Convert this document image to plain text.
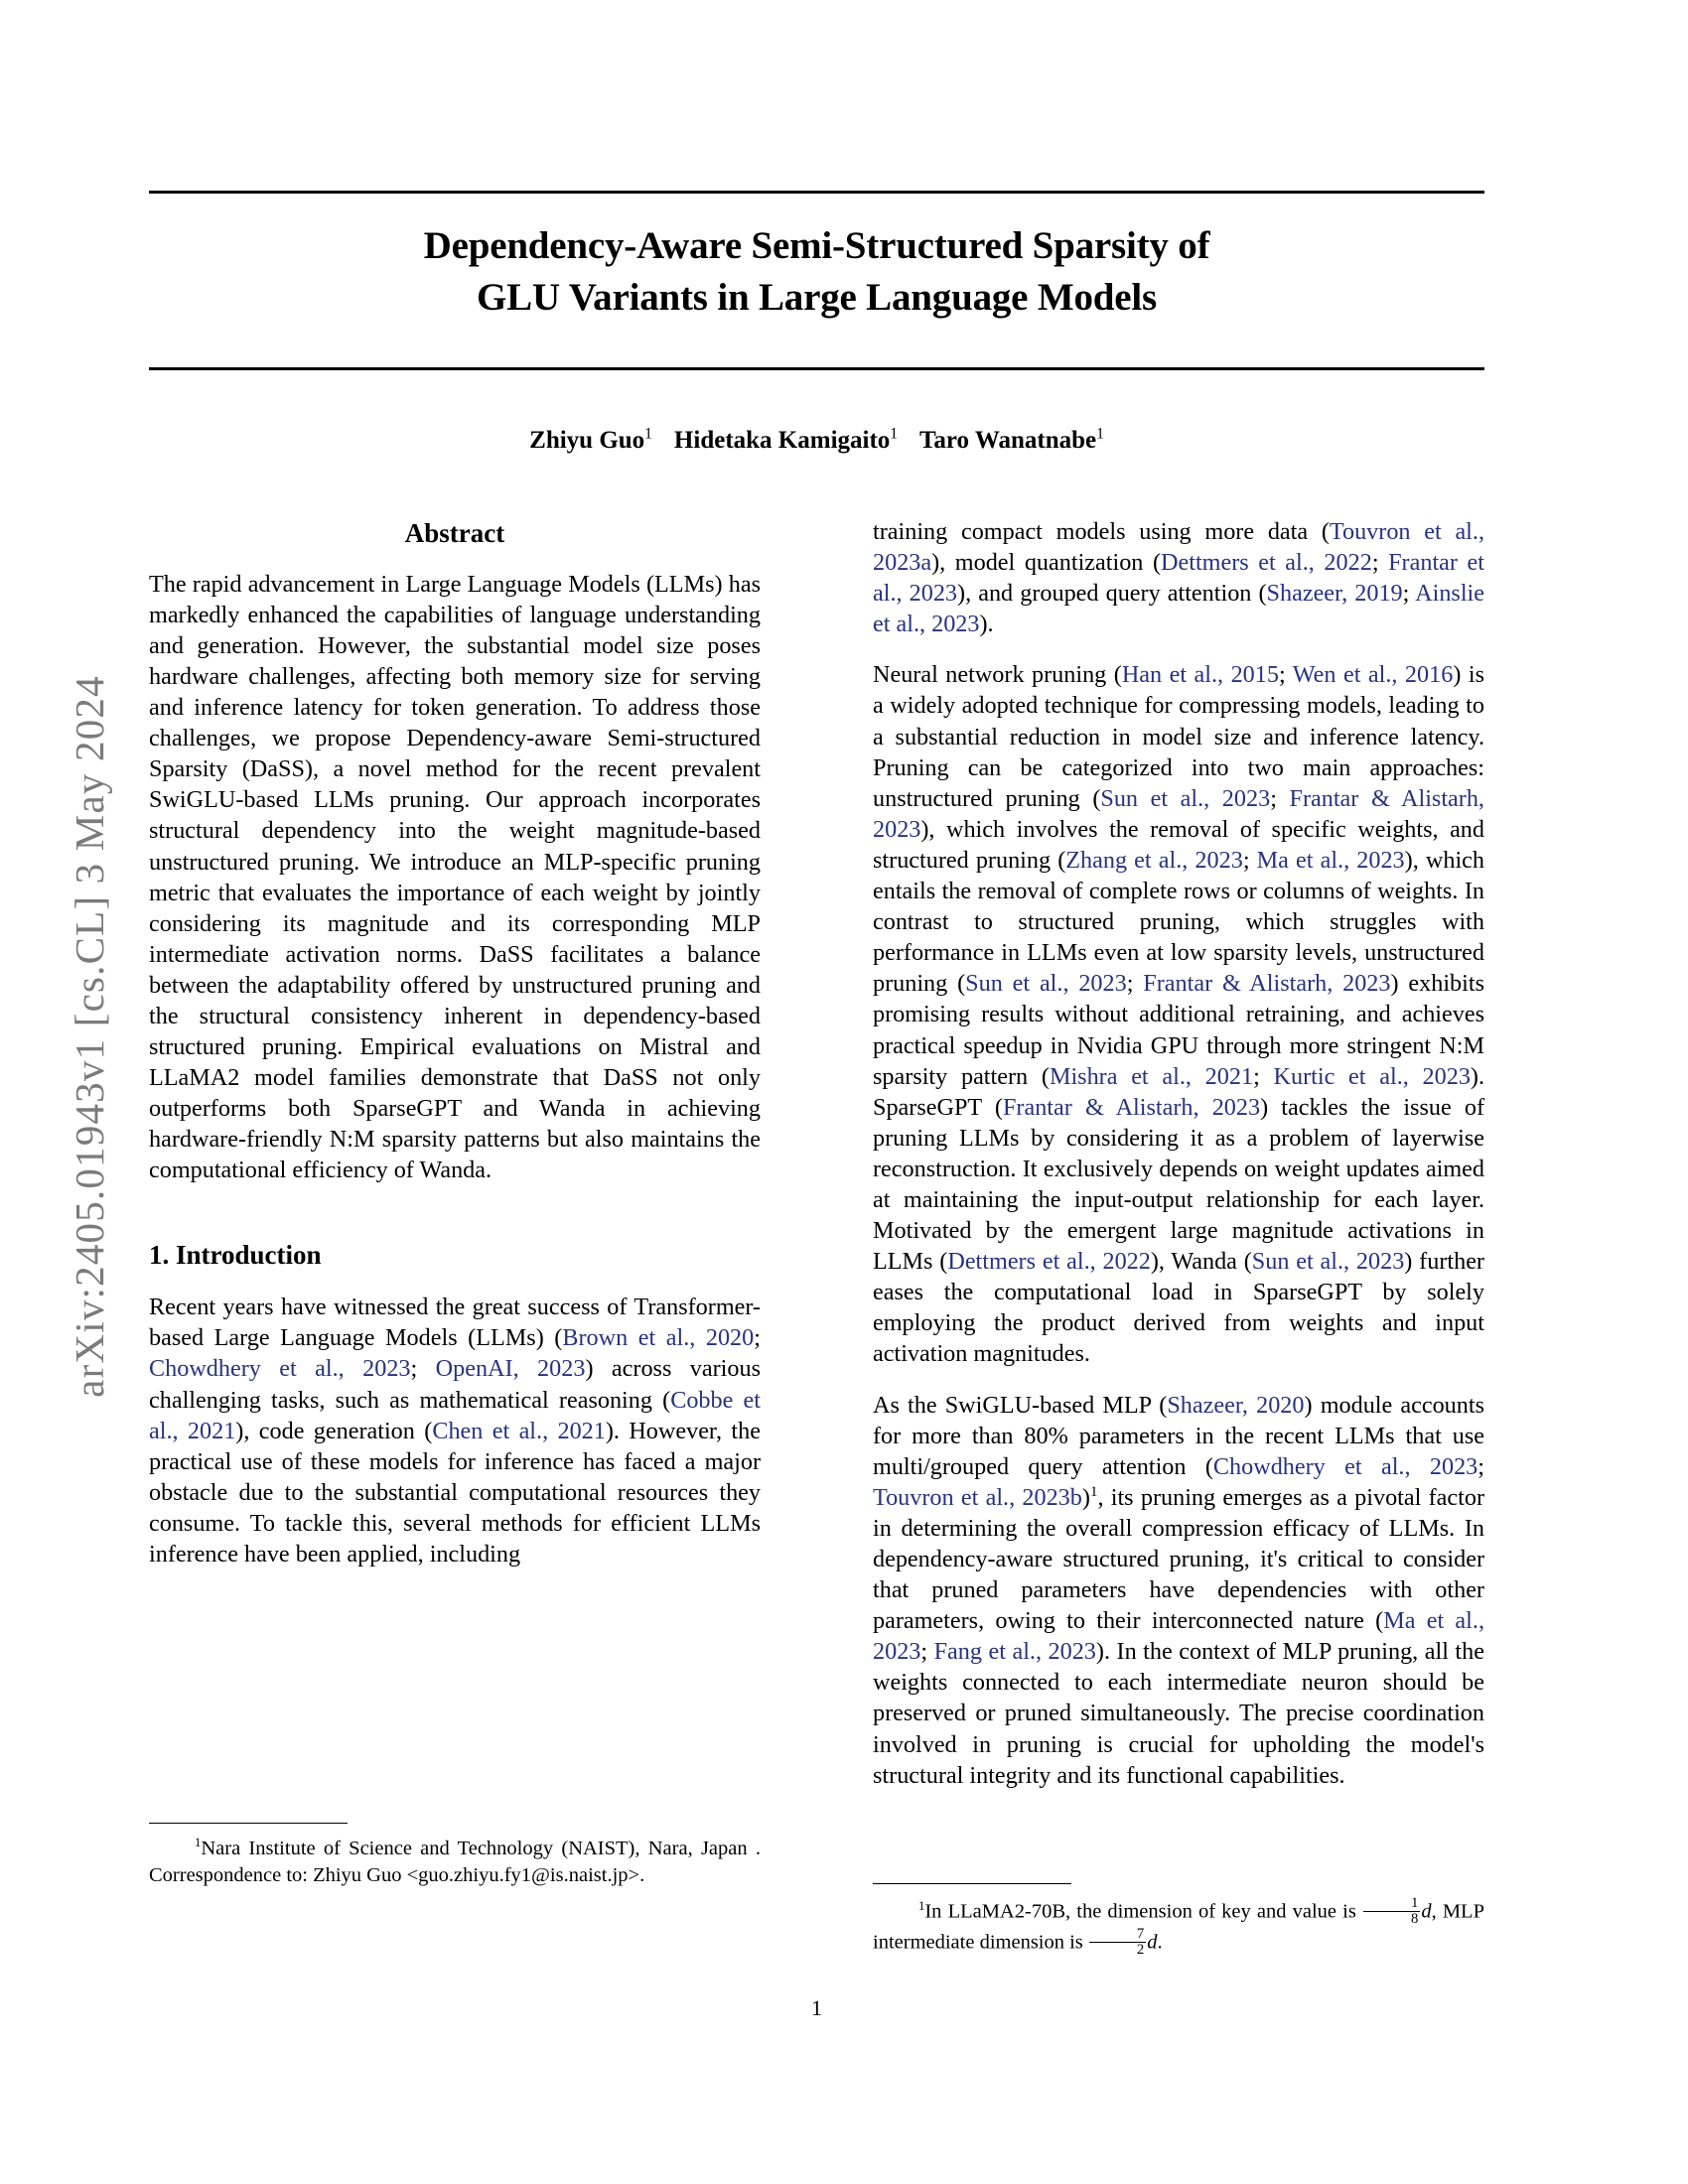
arXiv:2405.01943v1 [cs.CL] 3 May 2024
Dependency-Aware Semi-Structured Sparsity of
GLU Variants in Large Language Models
Zhiyu Guo$^1$ Hidetaka Kamigaito$^1$ Taro Wanatnabe$^1$
Abstract

The rapid advancement in Large Language Models (LLMs) has markedly enhanced the capabilities of language understanding and generation. However, the substantial model size poses hardware challenges, affecting both memory size for serving and inference latency for token generation. To address those challenges, we propose Dependency-aware Semi-structured Sparsity (DaSS), a novel method for the recent prevalent SwiGLU-based LLMs pruning. Our approach incorporates structural dependency into the weight magnitude-based unstructured pruning. We introduce an MLP-specific pruning metric that evaluates the importance of each weight by jointly considering its magnitude and its corresponding MLP intermediate activation norms. DaSS facilitates a balance between the adaptability offered by unstructured pruning and the structural consistency inherent in dependency-based structured pruning. Empirical evaluations on Mistral and LLaMA2 model families demonstrate that DaSS not only outperforms both SparseGPT and Wanda in achieving hardware-friendly N:M sparsity patterns but also maintains the computational efficiency of Wanda.

1. Introduction

Recent years have witnessed the great success of Transformer-based Large Language Models (LLMs) (Brown et al., 2020; Chowdhery et al., 2023; OpenAI, 2023) across various challenging tasks, such as mathematical reasoning (Cobbe et al., 2021), code generation (Chen et al., 2021). However, the practical use of these models for inference has faced a major obstacle due to the substantial computational resources they consume. To tackle this, several methods for efficient LLMs inference have been applied, including

training compact models using more data (Touvron et al., 2023a), model quantization (Dettmers et al., 2022; Frantar et al., 2023), and grouped query attention (Shazeer, 2019; Ainslie et al., 2023).

Neural network pruning (Han et al., 2015; Wen et al., 2016) is a widely adopted technique for compressing models, leading to a substantial reduction in model size and inference latency. Pruning can be categorized into two main approaches: unstructured pruning (Sun et al., 2023; Frantar & Alistarh, 2023), which involves the removal of specific weights, and structured pruning (Zhang et al., 2023; Ma et al., 2023), which entails the removal of complete rows or columns of weights. In contrast to structured pruning, which struggles with performance in LLMs even at low sparsity levels, unstructured pruning (Sun et al., 2023; Frantar & Alistarh, 2023) exhibits promising results without additional retraining, and achieves practical speedup in Nvidia GPU through more stringent N:M sparsity pattern (Mishra et al., 2021; Kurtic et al., 2023). SparseGPT (Frantar & Alistarh, 2023) tackles the issue of pruning LLMs by considering it as a problem of layerwise reconstruction. It exclusively depends on weight updates aimed at maintaining the input-output relationship for each layer. Motivated by the emergent large magnitude activations in LLMs (Dettmers et al., 2022), Wanda (Sun et al., 2023) further eases the computational load in SparseGPT by solely employing the product derived from weights and input activation magnitudes.

As the SwiGLU-based MLP (Shazeer, 2020) module accounts for more than 80% parameters in the recent LLMs that use multi/grouped query attention (Chowdhery et al., 2023; Touvron et al., 2023b)$^1$, its pruning emerges as a pivotal factor in determining the overall compression efficacy of LLMs. In dependency-aware structured pruning, it's critical to consider that pruned parameters have dependencies with other parameters, owing to their interconnected nature (Ma et al., 2023; Fang et al., 2023). In the context of MLP pruning, all the weights connected to each intermediate neuron should be preserved or pruned simultaneously. The precise coordination involved in pruning is crucial for upholding the model's structural integrity and its functional capabilities.

$^1$Nara Institute of Science and Technology (NAIST), Nara, Japan . Correspondence to: Zhiyu Guo <guo.zhiyu.fy1@is.naist.jp>.
$^1$In LLaMA2-70B, the dimension of key and value is $\frac{1}{8} d$, MLP intermediate dimension is $\frac{7}{2} d$.
1
